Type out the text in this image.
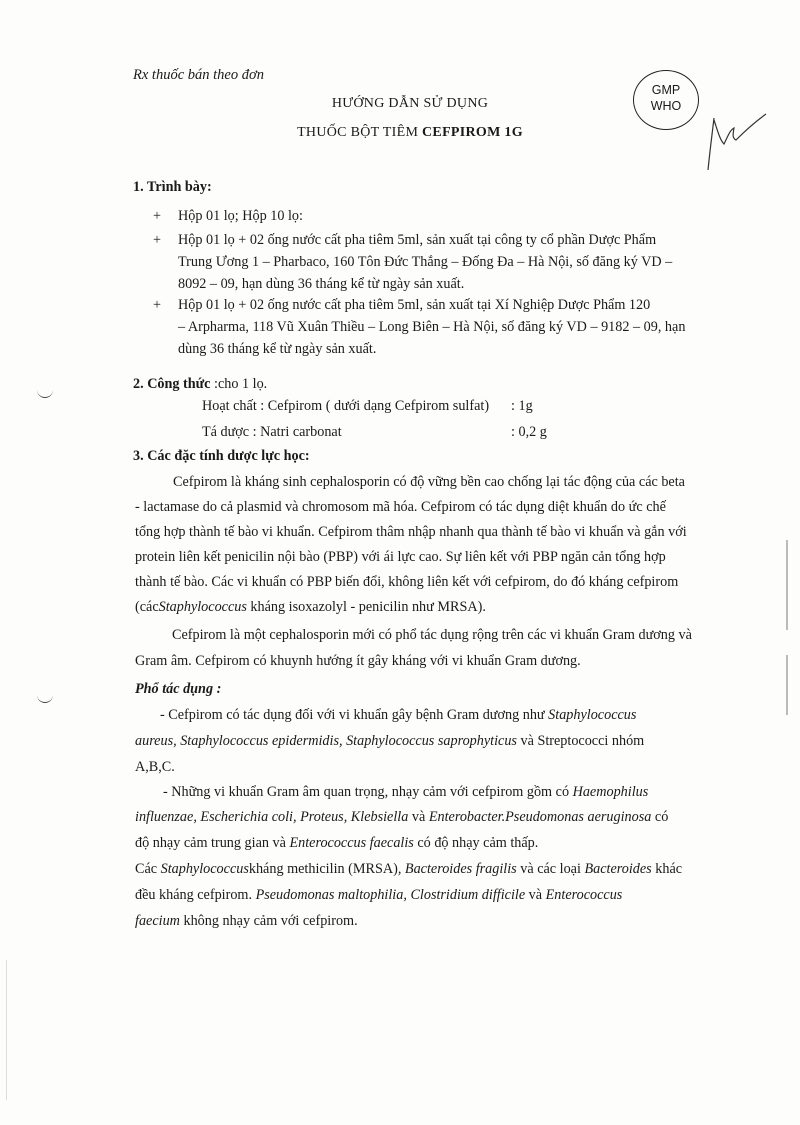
Rx thuốc bán theo đơn
HƯỚNG DẪN SỬ DỤNG
THUỐC BỘT TIÊM CEFPIROM 1G
GMP
WHO
1. Trình bày:
+ Hộp 01 lọ; Hộp 10 lọ:
+ Hộp 01 lọ + 02 ống nước cất pha tiêm 5ml, sản xuất tại công ty cổ phần Dược Phẩm
Trung Ương 1 – Pharbaco, 160 Tôn Đức Thắng – Đống Đa – Hà Nội, số đăng ký VD –
8092 – 09, hạn dùng 36 tháng kể từ ngày sản xuất.
+ Hộp 01 lọ + 02 ống nước cất pha tiêm 5ml, sản xuất tại Xí Nghiệp Dược Phẩm 120
– Arpharma, 118 Vũ Xuân Thiều – Long Biên – Hà Nội, số đăng ký VD – 9182 – 09, hạn
dùng 36 tháng kể từ ngày sản xuất.
2. Công thức :cho 1 lọ.
Hoạt chất : Cefpirom ( dưới dạng Cefpirom sulfat) : 1g
Tá dược : Natri carbonat	: 0,2 g
3. Các đặc tính dược lực học:
Cefpirom là kháng sinh cephalosporin có độ vững bền cao chống lại tác động của các beta
- lactamase do cả plasmid và chromosom mã hóa. Cefpirom có tác dụng diệt khuẩn do ức chế
tổng hợp thành tế bào vi khuẩn. Cefpirom thâm nhập nhanh qua thành tế bào vi khuẩn và gắn với
protein liên kết penicilin nội bào (PBP) với ái lực cao. Sự liên kết với PBP ngăn cản tổng hợp
thành tế bào. Các vi khuẩn có PBP biến đổi, không liên kết với cefpirom, do đó kháng cefpirom
(cácStaphylococcus kháng isoxazolyl - penicilin như MRSA).
Cefpirom là một cephalosporin mới có phổ tác dụng rộng trên các vi khuẩn Gram dương và
Gram âm. Cefpirom có khuynh hướng ít gây kháng với vi khuẩn Gram dương.
Phổ tác dụng :
- Cefpirom có tác dụng đối với vi khuẩn gây bệnh Gram dương như Staphylococcus
aureus, Staphylococcus epidermidis, Staphylococcus saprophyticus và Streptococci nhóm
A,B,C.
- Những vi khuẩn Gram âm quan trọng, nhạy cảm với cefpirom gồm có Haemophilus
influenzae, Escherichia coli, Proteus, Klebsiella và Enterobacter.Pseudomonas aeruginosa có
độ nhạy cảm trung gian và Enterococcus faecalis có độ nhạy cảm thấp.
Các Staphylococcuskháng methicilin (MRSA), Bacteroides fragilis và các loại Bacteroides khác
đều kháng cefpirom. Pseudomonas maltophilia, Clostridium difficile và Enterococcus
faecium không nhạy cảm với cefpirom.
